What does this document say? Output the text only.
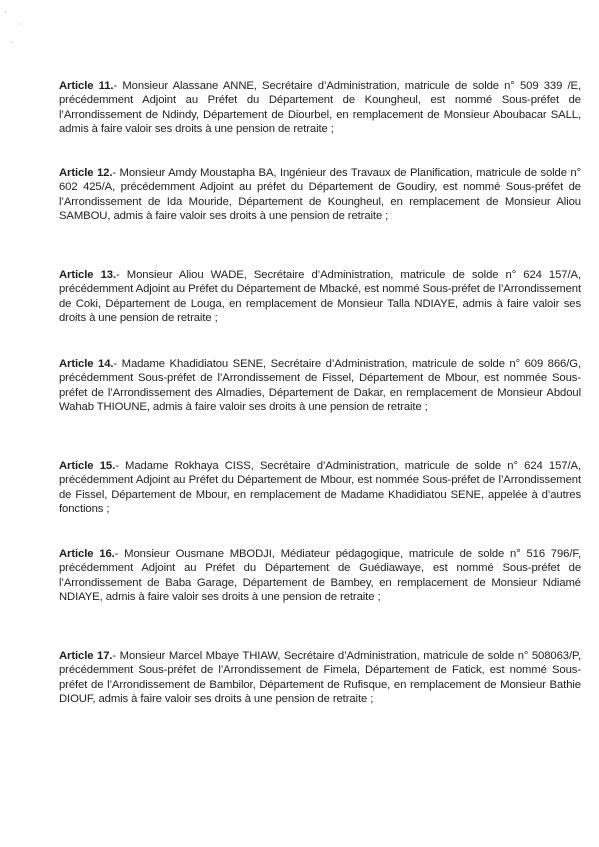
·
·
·

Article 11.- Monsieur Alassane ANNE, Secrétaire d’Administration, matricule de solde n° 509 339 /E, précédemment Adjoint au Préfet du Département de Koungheul, est nommé Sous-préfet de l’Arrondissement de Ndindy, Département de Diourbel, en remplacement de Monsieur Aboubacar SALL, admis à faire valoir ses droits à une pension de retraite ;

Article 12.- Monsieur Amdy Moustapha BA, Ingénieur des Travaux de Planification, matricule de solde n° 602 425/A, précédemment Adjoint au préfet du Département de Goudiry, est nommé Sous-préfet de l’Arrondissement de Ida Mouride, Département de Koungheul, en remplacement de Monsieur Aliou SAMBOU, admis à faire valoir ses droits à une pension de retraite ;

Article 13.- Monsieur Aliou WADE, Secrétaire d’Administration, matricule de solde n° 624 157/A, précédemment Adjoint au Préfet du Département de Mbacké, est nommé Sous-préfet de l’Arrondissement de Coki, Département de Louga, en remplacement de Monsieur Talla NDIAYE, admis à faire valoir ses droits à une pension de retraite ;

Article 14.- Madame Khadidiatou SENE, Secrétaire d’Administration, matricule de solde n° 609 866/G, précédemment Sous-préfet de l’Arrondissement de Fissel, Département de Mbour, est nommée Sous-préfet de l’Arrondissement des Almadies, Département de Dakar, en remplacement de Monsieur Abdoul Wahab THIOUNE, admis à faire valoir ses droits à une pension de retraite ;

Article 15.- Madame Rokhaya CISS, Secrétaire d’Administration, matricule de solde n° 624 157/A, précédemment Adjoint au Préfet du Département de Mbour, est nommée Sous-préfet de l’Arrondissement de Fissel, Département de Mbour, en remplacement de Madame Khadidiatou SENE, appelée à d’autres fonctions ;

Article 16.- Monsieur Ousmane MBODJI, Médiateur pédagogique, matricule de solde n° 516 796/F, précédemment Adjoint au Préfet du Département de Guédiawaye, est nommé Sous-préfet de l’Arrondissement de Baba Garage, Département de Bambey, en remplacement de Monsieur Ndiamé NDIAYE, admis à faire valoir ses droits à une pension de retraite ;

Article 17.- Monsieur Marcel Mbaye THIAW, Secrétaire d’Administration, matricule de solde n° 508063/P, précédemment Sous-préfet de l’Arrondissement de Fimela, Département de Fatick, est nommé Sous-préfet de l’Arrondissement de Bambilor, Département de Rufisque, en remplacement de Monsieur Bathie DIOUF, admis à faire valoir ses droits à une pension de retraite ;
